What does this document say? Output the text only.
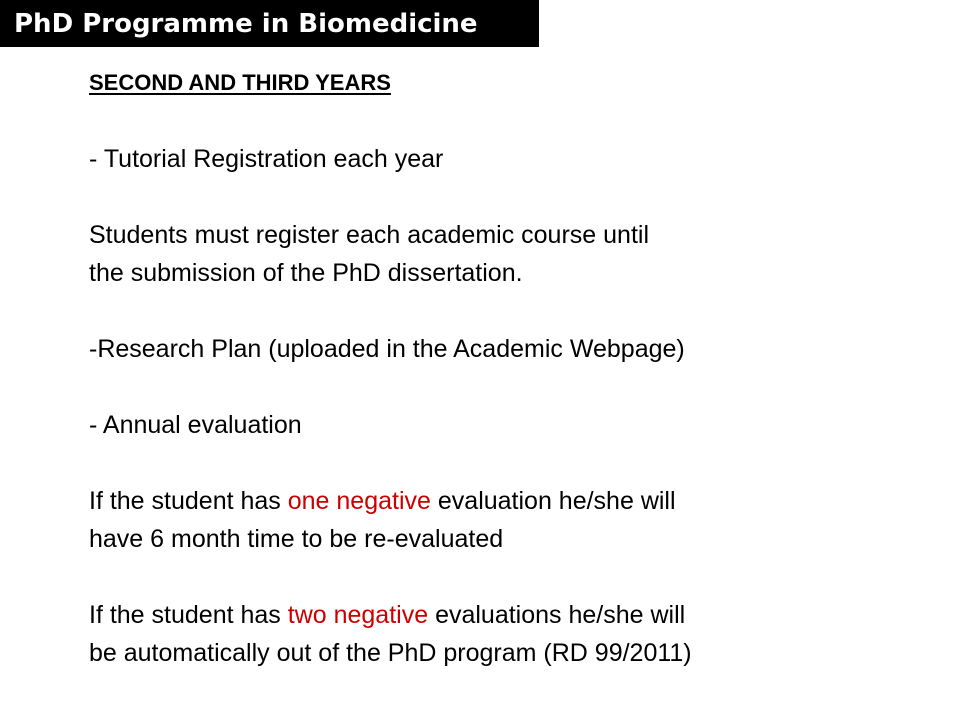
PhD Programme in Biomedicine
SECOND AND THIRD YEARS
- Tutorial Registration each year
Students must register each academic course until
the submission of the PhD dissertation.
-Research Plan (uploaded in the Academic Webpage)
- Annual evaluation
If the student has one negative evaluation he/she will
have 6 month time to be re-evaluated
If the student has two negative evaluations he/she will
be automatically out of the PhD program (RD 99/2011)
